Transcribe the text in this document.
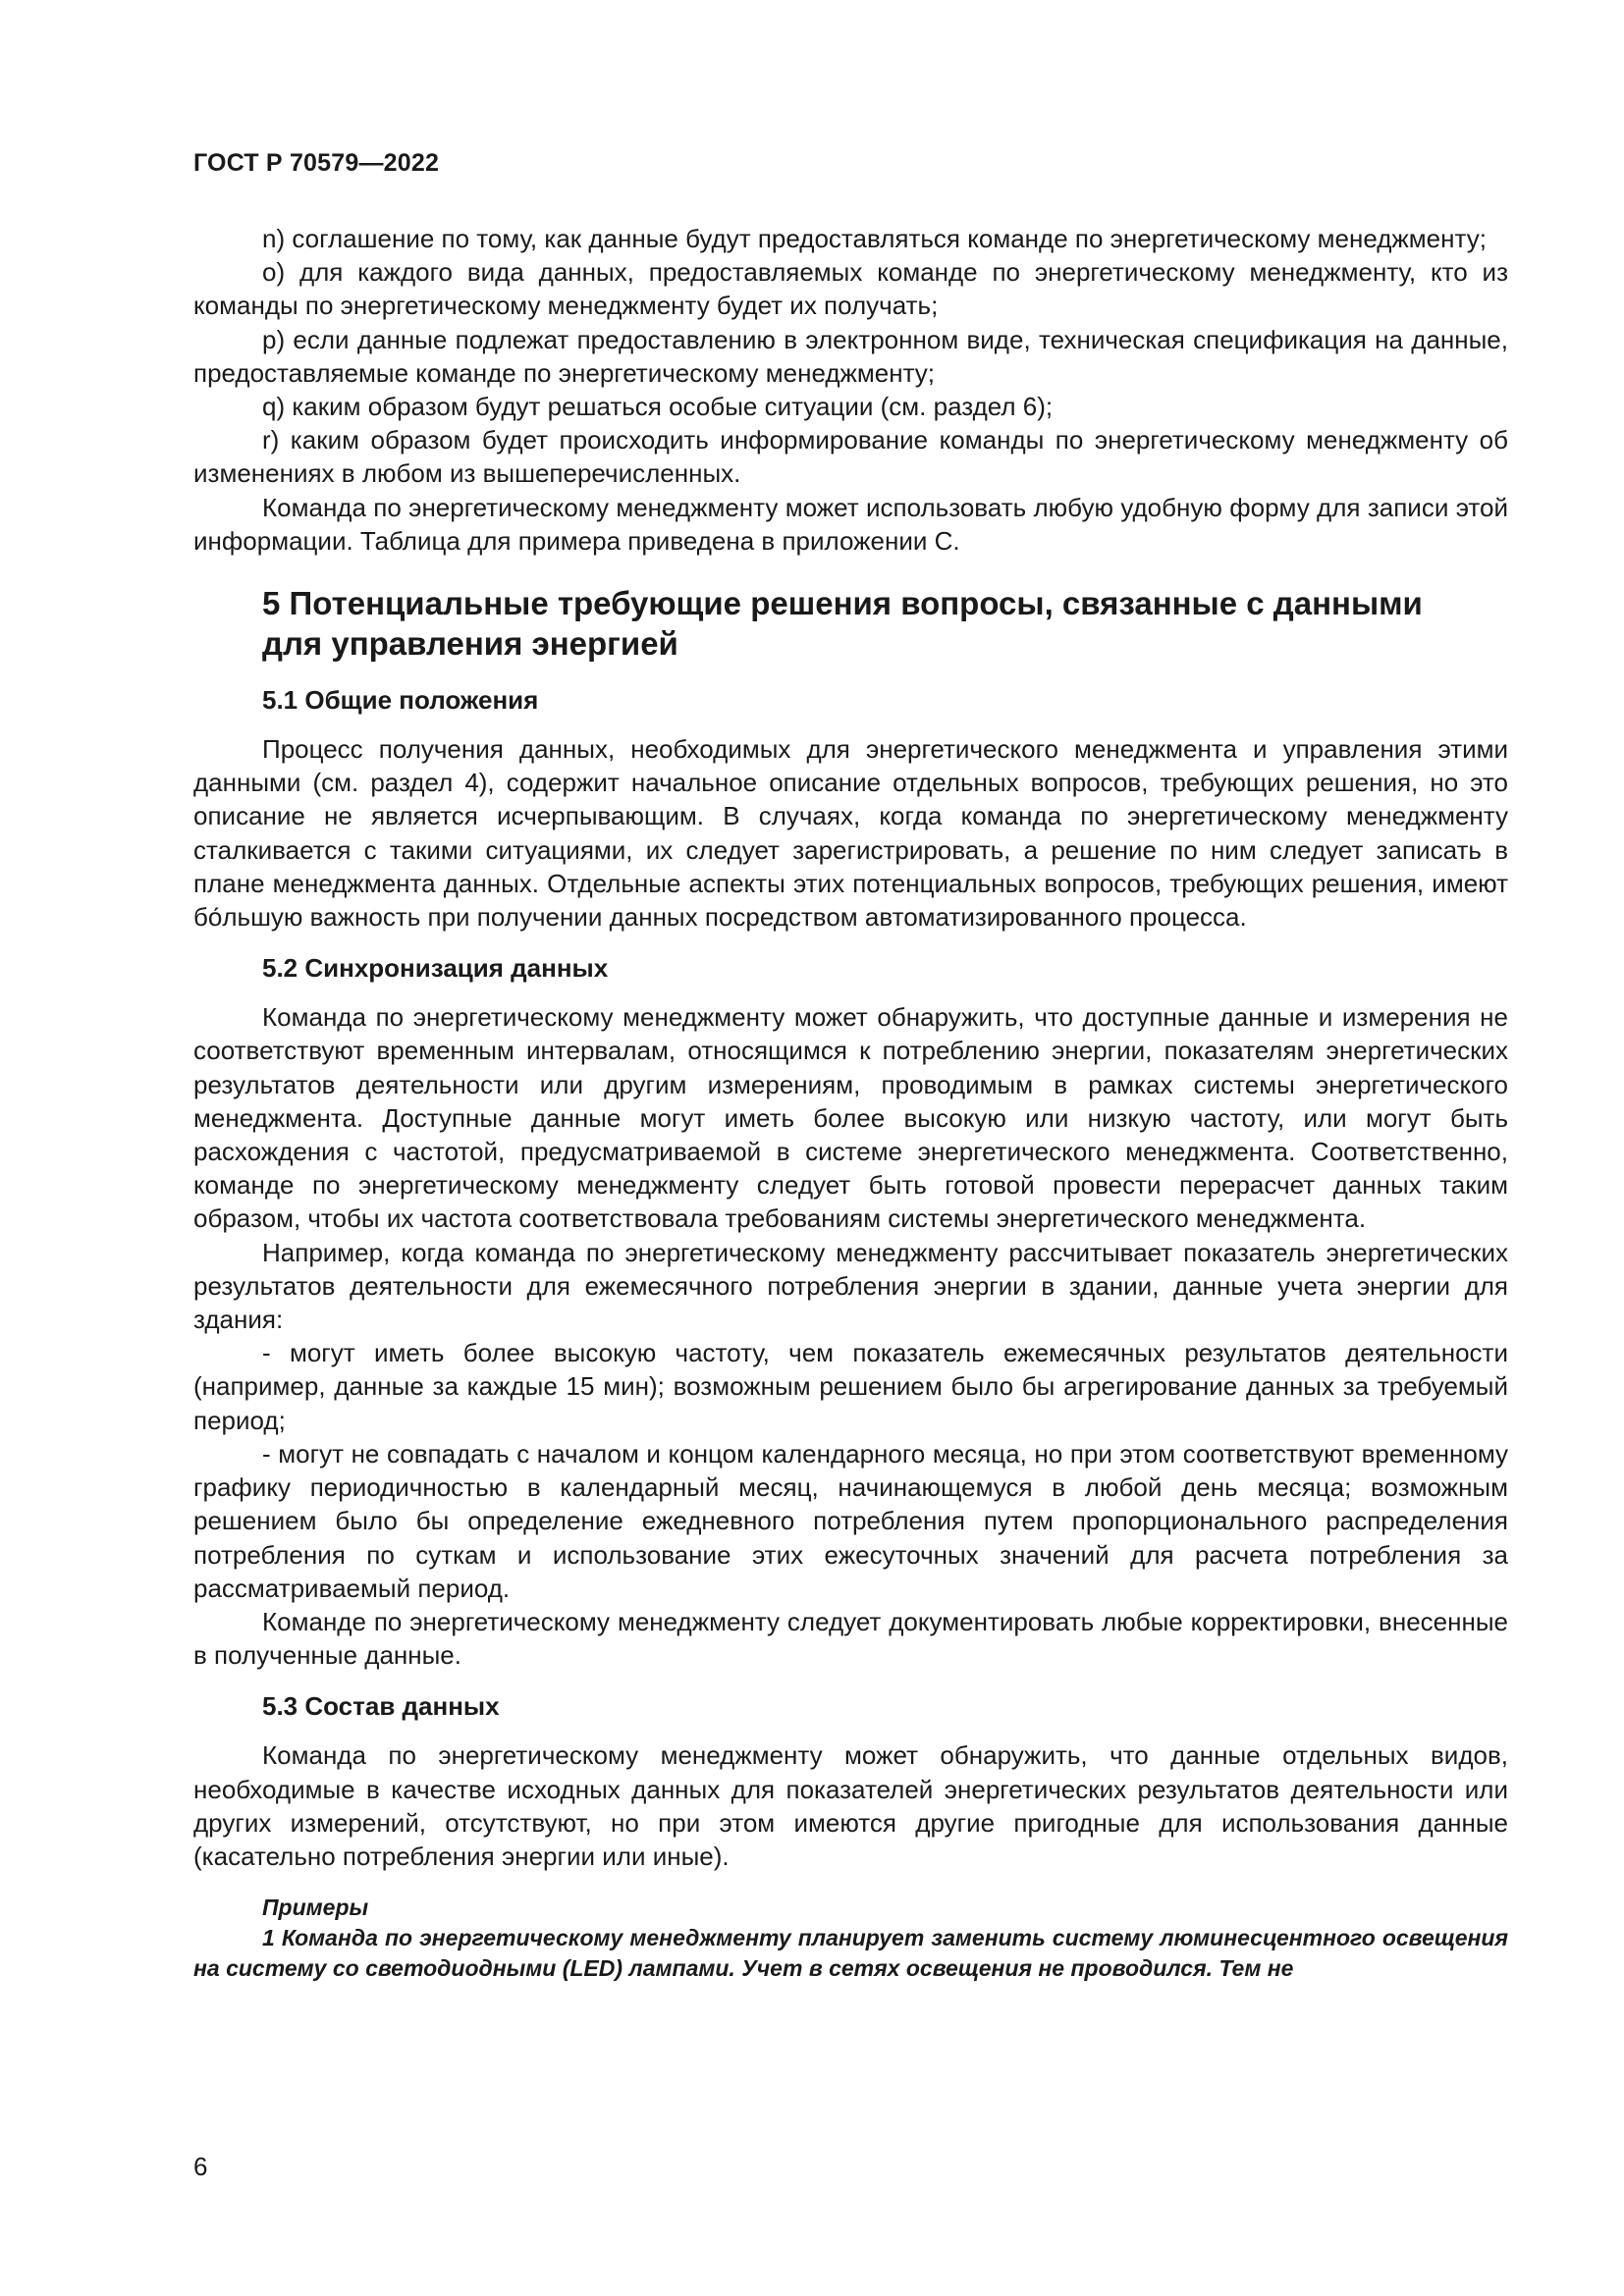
ГОСТ Р 70579—2022

n) соглашение по тому, как данные будут предоставляться команде по энергетическому менеджменту;

о) для каждого вида данных, предоставляемых команде по энергетическому менеджменту, кто из команды по энергетическому менеджменту будет их получать;

р) если данные подлежат предоставлению в электронном виде, техническая спецификация на данные, предоставляемые команде по энергетическому менеджменту;

q) каким образом будут решаться особые ситуации (см. раздел 6);

r) каким образом будет происходить информирование команды по энергетическому менеджменту об изменениях в любом из вышеперечисленных.

Команда по энергетическому менеджменту может использовать любую удобную форму для записи этой информации. Таблица для примера приведена в приложении С.

5 Потенциальные требующие решения вопросы, связанные с данными для управления энергией
5.1 Общие положения

Процесс получения данных, необходимых для энергетического менеджмента и управления этими данными (см. раздел 4), содержит начальное описание отдельных вопросов, требующих решения, но это описание не является исчерпывающим. В случаях, когда команда по энергетическому менеджменту сталкивается с такими ситуациями, их следует зарегистрировать, а решение по ним следует записать в плане менеджмента данных. Отдельные аспекты этих потенциальных вопросов, требующих решения, имеют бо́льшую важность при получении данных посредством автоматизированного процесса.

5.2 Синхронизация данных

Команда по энергетическому менеджменту может обнаружить, что доступные данные и измерения не соответствуют временным интервалам, относящимся к потреблению энергии, показателям энергетических результатов деятельности или другим измерениям, проводимым в рамках системы энергетического менеджмента. Доступные данные могут иметь более высокую или низкую частоту, или могут быть расхождения с частотой, предусматриваемой в системе энергетического менеджмента. Соответственно, команде по энергетическому менеджменту следует быть готовой провести перерасчет данных таким образом, чтобы их частота соответствовала требованиям системы энергетического менеджмента.

Например, когда команда по энергетическому менеджменту рассчитывает показатель энергетических результатов деятельности для ежемесячного потребления энергии в здании, данные учета энергии для здания:

- могут иметь более высокую частоту, чем показатель ежемесячных результатов деятельности (например, данные за каждые 15 мин); возможным решением было бы агрегирование данных за требуемый период;

- могут не совпадать с началом и концом календарного месяца, но при этом соответствуют временному графику периодичностью в календарный месяц, начинающемуся в любой день месяца; возможным решением было бы определение ежедневного потребления путем пропорционального распределения потребления по суткам и использование этих ежесуточных значений для расчета потребления за рассматриваемый период.

Команде по энергетическому менеджменту следует документировать любые корректировки, внесенные в полученные данные.

5.3 Состав данных

Команда по энергетическому менеджменту может обнаружить, что данные отдельных видов, необходимые в качестве исходных данных для показателей энергетических результатов деятельности или других измерений, отсутствуют, но при этом имеются другие пригодные для использования данные (касательно потребления энергии или иные).

Примеры

1 Команда по энергетическому менеджменту планирует заменить систему люминесцентного освещения на систему со светодиодными (LED) лампами. Учет в сетях освещения не проводился. Тем не

6
